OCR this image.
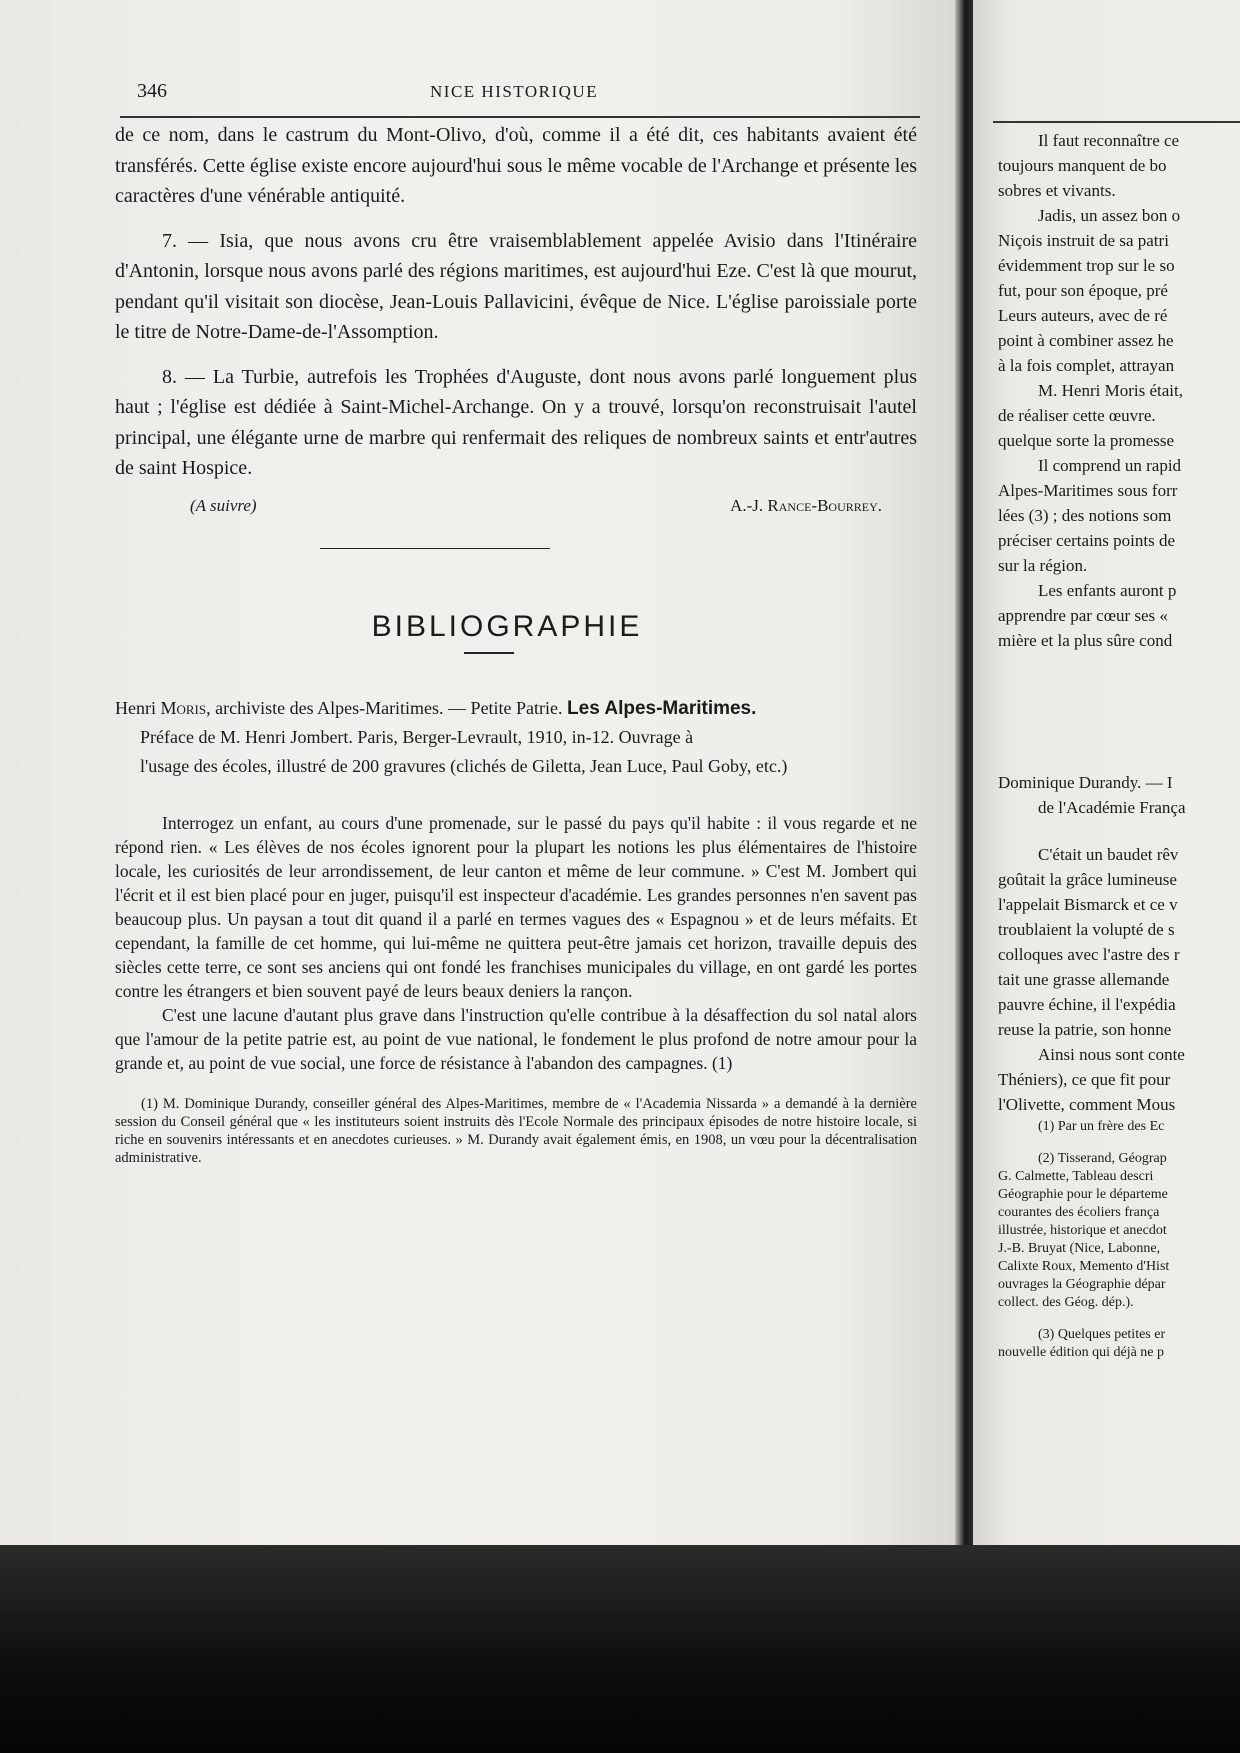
346	NICE HISTORIQUE

de ce nom, dans le castrum du Mont-Olivo, d'où, comme il a été dit, ces habitants avaient été transférés. Cette église existe encore aujourd'hui sous le même vocable de l'Archange et présente les caractères d'une vénérable antiquité.

7. — Isia, que nous avons cru être vraisemblablement appelée Avisio dans l'Itinéraire d'Antonin, lorsque nous avons parlé des régions maritimes, est aujourd'hui Eze. C'est là que mourut, pendant qu'il visitait son diocèse, Jean-Louis Pallavicini, évêque de Nice. L'église paroissiale porte le titre de Notre-Dame-de-l'Assomption.

8. — La Turbie, autrefois les Trophées d'Auguste, dont nous avons parlé longuement plus haut ; l'église est dédiée à Saint-Michel-Archange. On y a trouvé, lorsqu'on reconstruisait l'autel principal, une élégante urne de marbre qui renfermait des reliques de nombreux saints et entr'autres de saint Hospice.

(A suivre)	A.-J. Rance-Bourrey.
BIBLIOGRAPHIE

Henri Moris, archiviste des Alpes-Maritimes. — Petite Patrie. Les Alpes-Maritimes.

Préface de M. Henri Jombert. Paris, Berger-Levrault, 1910, in-12. Ouvrage à

l'usage des écoles, illustré de 200 gravures (clichés de Giletta, Jean Luce, Paul Goby, etc.)

Interrogez un enfant, au cours d'une promenade, sur le passé du pays qu'il habite : il vous regarde et ne répond rien. « Les élèves de nos écoles ignorent pour la plupart les notions les plus élémentaires de l'histoire locale, les curiosités de leur arrondissement, de leur canton et même de leur commune. » C'est M. Jombert qui l'écrit et il est bien placé pour en juger, puisqu'il est inspecteur d'académie. Les grandes personnes n'en savent pas beaucoup plus. Un paysan a tout dit quand il a parlé en termes vagues des « Espagnou » et de leurs méfaits. Et cependant, la famille de cet homme, qui lui-même ne quittera peut-être jamais cet horizon, travaille depuis des siècles cette terre, ce sont ses anciens qui ont fondé les franchises municipales du village, en ont gardé les portes contre les étrangers et bien souvent payé de leurs beaux deniers la rançon.

C'est une lacune d'autant plus grave dans l'instruction qu'elle contribue à la désaffection du sol natal alors que l'amour de la petite patrie est, au point de vue national, le fondement le plus profond de notre amour pour la grande et, au point de vue social, une force de résistance à l'abandon des campagnes. (1)

(1) M. Dominique Durandy, conseiller général des Alpes-Maritimes, membre de « l'Academia Nissarda » a demandé à la dernière session du Conseil général que « les instituteurs soient instruits dès l'Ecole Normale des principaux épisodes de notre histoire locale, si riche en souvenirs intéressants et en anecdotes curieuses. » M. Durandy avait également émis, en 1908, un vœu pour la décentralisation administrative.

Il faut reconnaître ce

toujours manquent de bo

sobres et vivants.

Jadis, un assez bon o

Niçois instruit de sa patri

évidemment trop sur le so

fut, pour son époque, pré

Leurs auteurs, avec de ré

point à combiner assez he

à la fois complet, attrayan

M. Henri Moris était,

de réaliser cette œuvre.

quelque sorte la promesse

Il comprend un rapid

Alpes-Maritimes sous forr

lées (3) ; des notions som

préciser certains points de

sur la région.

Les enfants auront p

apprendre par cœur ses «

mière et la plus sûre cond

Dominique Durandy. — I

de l'Académie França

C'était un baudet rêv

goûtait la grâce lumineuse

l'appelait Bismarck et ce v

troublaient la volupté de s

colloques avec l'astre des r

tait une grasse allemande

pauvre échine, il l'expédia

reuse la patrie, son honne

Ainsi nous sont conte

Théniers), ce que fit pour

l'Olivette, comment Mous

(1) Par un frère des Ec

(2) Tisserand, Géograp

G. Calmette, Tableau descri

Géographie pour le départeme

courantes des écoliers frança

illustrée, historique et anecdot

J.-B. Bruyat (Nice, Labonne,

Calixte Roux, Memento d'Hist

ouvrages la Géographie dépar

collect. des Géog. dép.).

(3) Quelques petites er

nouvelle édition qui déjà ne p
